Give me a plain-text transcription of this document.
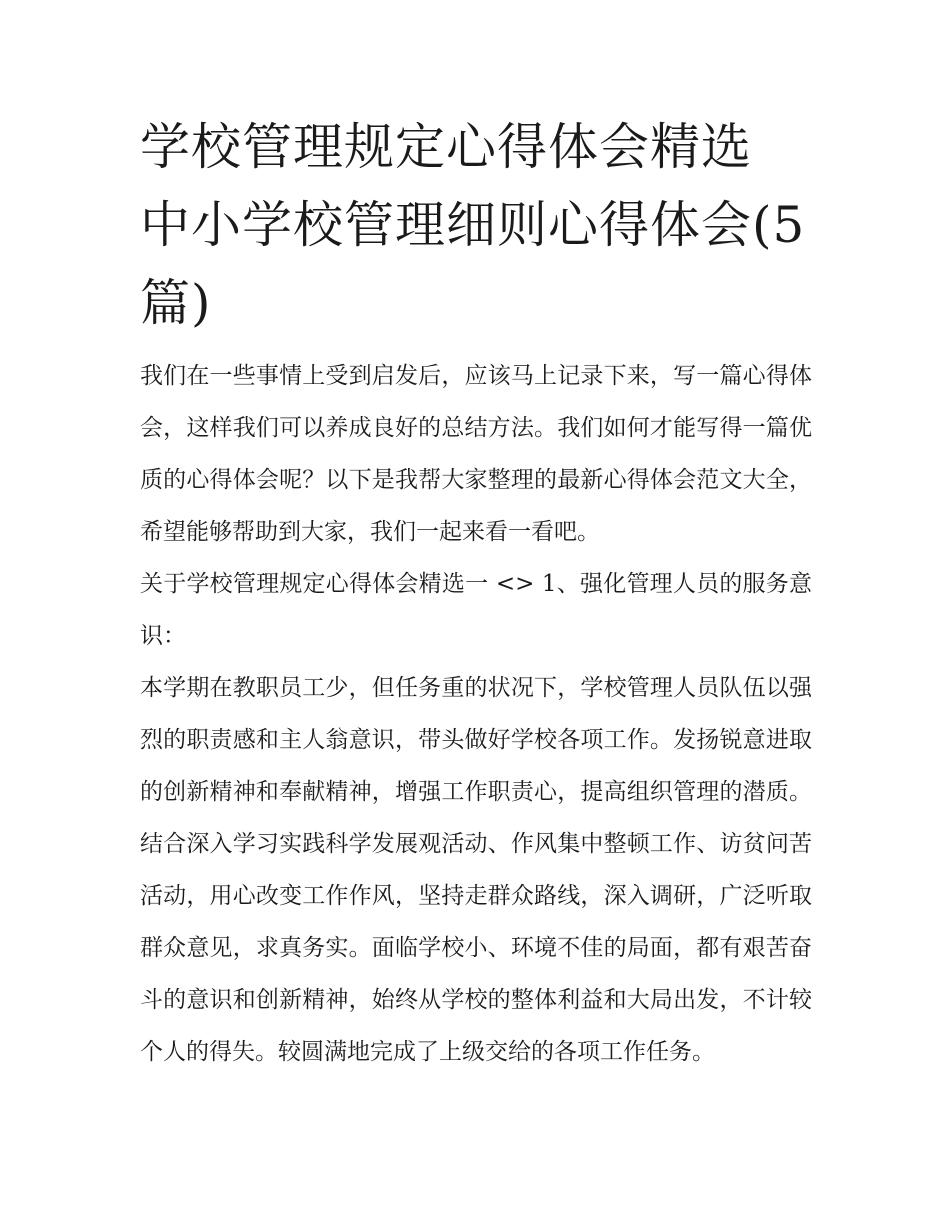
学校管理规定心得体会精选 中小学校管理细则心得体会(5篇)

我们在一些事情上受到启发后，应该马上记录下来，写一篇心得体会，这样我们可以养成良好的总结方法。我们如何才能写得一篇优质的心得体会呢？以下是我帮大家整理的最新心得体会范文大全，希望能够帮助到大家，我们一起来看一看吧。

关于学校管理规定心得体会精选一 <> 1、强化管理人员的服务意识：

本学期在教职员工少，但任务重的状况下，学校管理人员队伍以强烈的职责感和主人翁意识，带头做好学校各项工作。发扬锐意进取的创新精神和奉献精神，增强工作职责心，提高组织管理的潜质。结合深入学习实践科学发展观活动、作风集中整顿工作、访贫问苦活动，用心改变工作作风，坚持走群众路线，深入调研，广泛听取群众意见，求真务实。面临学校小、环境不佳的局面，都有艰苦奋斗的意识和创新精神，始终从学校的整体利益和大局出发，不计较个人的得失。较圆满地完成了上级交给的各项工作任务。
